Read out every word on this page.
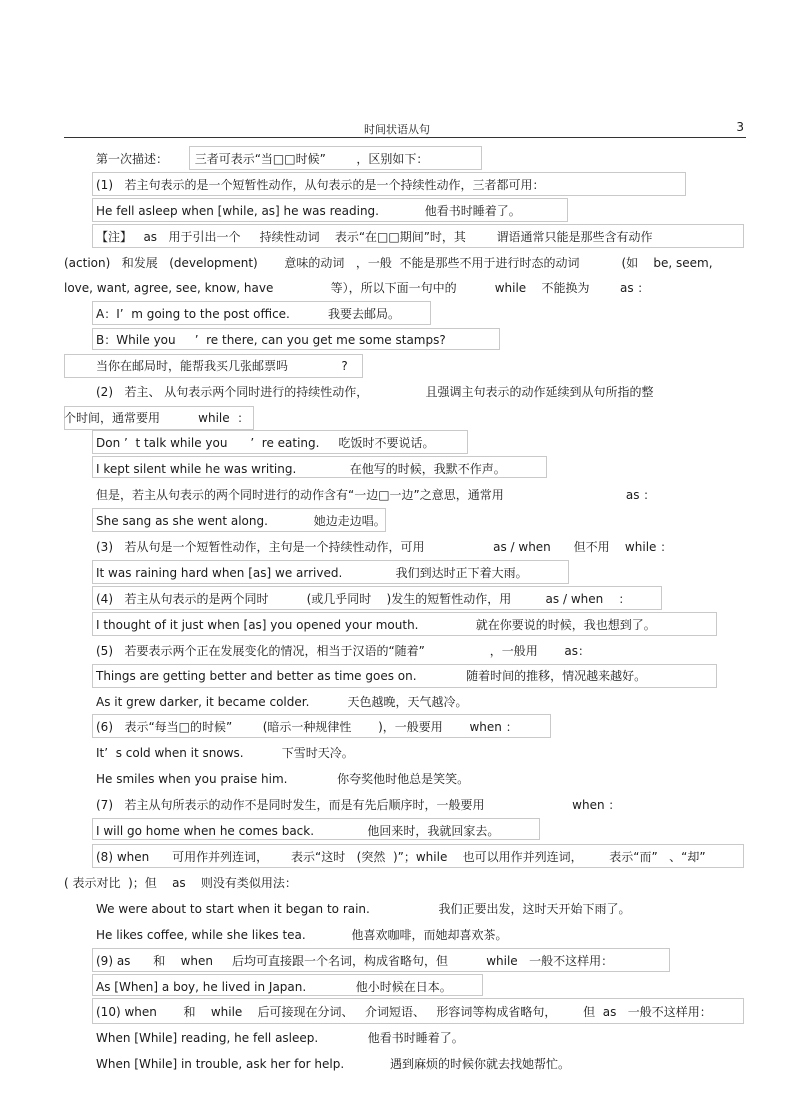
时间状语从句	3
第一次描述：       三者可表示“当□□时候”        ，区别如下：
(1)   若主句表示的是一个短暂性动作，从句表示的是一个持续性动作，三者都可用：
He fell asleep when [while, as] he was reading.            他看书时睡着了。
【注】   as   用于引出一个     持续性动词    表示“在□□期间”时，其        谓语通常只能是那些含有动作
(action)   和发展   (development)       意味的动词   ，一般  不能是那些不用于进行时态的动词           (如    be, seem,
love, want, agree, see, know, have               等），所以下面一句中的          while    不能换为        as ：
A：I’  m going to the post office.          我要去邮局。
B：While you     ’  re there, can you get me some stamps?
当你在邮局时，能帮我买几张邮票吗              ?
(2)   若主、 从句表示两个同时进行的持续性动作，               且强调主句表示的动作延续到从句所指的整
个时间，通常要用          while  ：
Don ’  t talk while you      ’  re eating.     吃饭时不要说话。
I kept silent while he was writing.              在他写的时候，我默不作声。
但是，若主从句表示的两个同时进行的动作含有“一边□一边”之意思，通常用                                as ：
She sang as she went along.            她边走边唱。
(3)   若从句是一个短暂性动作，主句是一个持续性动作，可用                  as / when      但不用    while ：
It was raining hard when [as] we arrived.              我们到达时正下着大雨。
(4)   若主从句表示的是两个同时          (或几乎同时    )发生的短暂性动作，用         as / when    ：
I thought of it just when [as] you opened your mouth.               就在你要说的时候，我也想到了。
(5)   若要表示两个正在发展变化的情况，相当于汉语的“随着”                 ，一般用       as：
Things are getting better and better as time goes on.             随着时间的推移，情况越来越好。
As it grew darker, it became colder.          天色越晚，天气越冷。
(6)   表示“每当□的时候”        (暗示一种规律性       )，一般要用       when ：
It’  s cold when it snows.          下雪时天冷。
He smiles when you praise him.             你夸奖他时他总是笑笑。
(7)   若主从句所表示的动作不是同时发生，而是有先后顺序时，一般要用                       when ：
I will go home when he comes back.              他回来时，我就回家去。
(8) when      可用作并列连词，      表示“这时   (突然  )”；while    也可以用作并列连词，       表示“而”   、“却”
( 表示对比  )；但    as    则没有类似用法：
We were about to start when it began to rain.                  我们正要出发，这时天开始下雨了。
He likes coffee, while she likes tea.            他喜欢咖啡，而她却喜欢茶。
(9) as      和    when     后均可直接跟一个名词，构成省略句，但          while   一般不这样用：
As [When] a boy, he lived in Japan.             他小时候在日本。
(10) when       和    while    后可接现在分词、   介词短语、   形容词等构成省略句，       但  as   一般不这样用：
When [While] reading, he fell asleep.             他看书时睡着了。
When [While] in trouble, ask her for help.            遇到麻烦的时候你就去找她帮忙。
